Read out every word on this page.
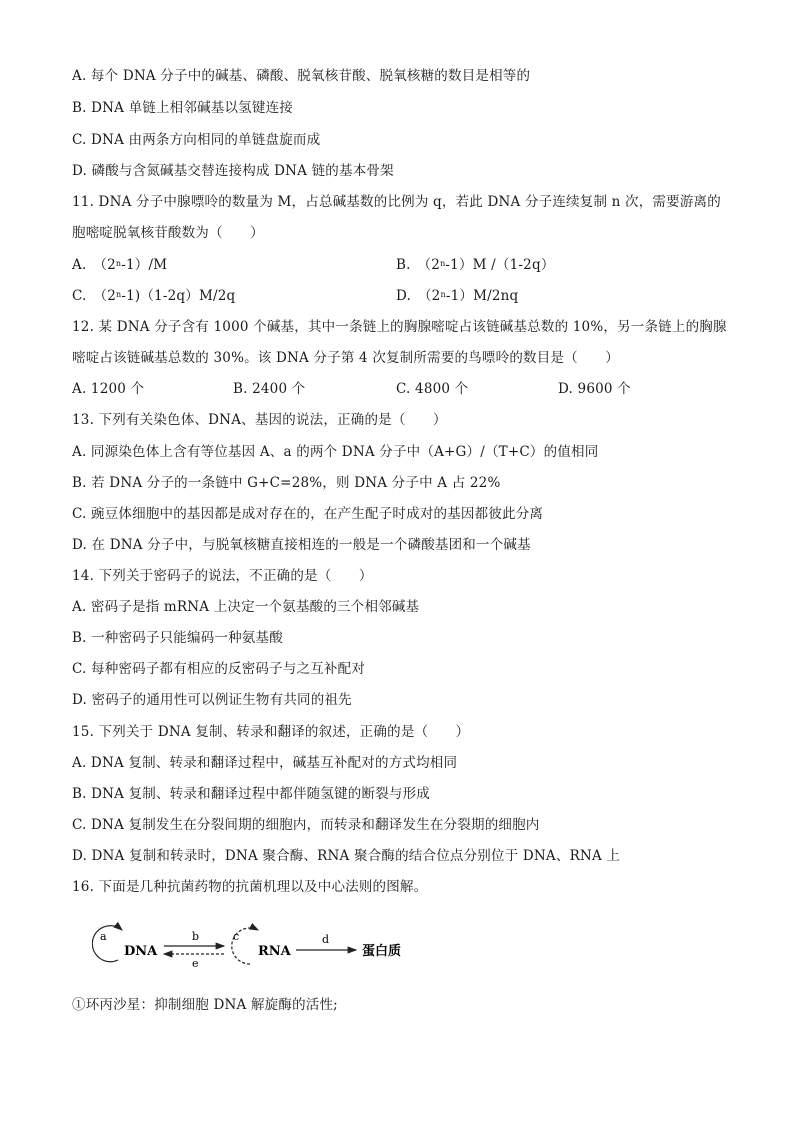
A. 每个 DNA 分子中的碱基、磷酸、脱氧核苷酸、脱氧核糖的数目是相等的
B. DNA 单链上相邻碱基以氢键连接
C. DNA 由两条方向相同的单链盘旋而成
D. 磷酸与含氮碱基交替连接构成 DNA 链的基本骨架
11. DNA 分子中腺嘌呤的数量为 M，占总碱基数的比例为 q，若此 DNA 分子连续复制 n 次，需要游离的
胞嘧啶脱氧核苷酸数为（　　）
A.　（2$^n$-1）/M	B.　（2$^n$-1）M /（1-2q）
C.　（2$^n$-1)（1-2q）M/2q	D.　（2$^n$-1）M/2nq
12. 某 DNA 分子含有 1000 个碱基，其中一条链上的胸腺嘧啶占该链碱基总数的 10%，另一条链上的胸腺
嘧啶占该链碱基总数的 30%。该 DNA 分子第 4 次复制所需要的鸟嘌呤的数目是（　　）
A. 1200 个	B. 2400 个	C. 4800 个	D. 9600 个
13. 下列有关染色体、DNA、基因的说法，正确的是（　　）
A. 同源染色体上含有等位基因 A、a 的两个 DNA 分子中（A+G）/（T+C）的值相同
B. 若 DNA 分子的一条链中 G+C=28%，则 DNA 分子中 A 占 22%
C. 豌豆体细胞中的基因都是成对存在的，在产生配子时成对的基因都彼此分离
D. 在 DNA 分子中，与脱氧核糖直接相连的一般是一个磷酸基团和一个碱基
14. 下列关于密码子的说法，不正确的是（　　）
A. 密码子是指 mRNA 上决定一个氨基酸的三个相邻碱基
B. 一种密码子只能编码一种氨基酸
C. 每种密码子都有相应的反密码子与之互补配对
D. 密码子的通用性可以例证生物有共同的祖先
15. 下列关于 DNA 复制、转录和翻译的叙述，正确的是（　　）
A. DNA 复制、转录和翻译过程中，碱基互补配对的方式均相同
B. DNA 复制、转录和翻译过程中都伴随氢键的断裂与形成
C. DNA 复制发生在分裂间期的细胞内，而转录和翻译发生在分裂期的细胞内
D. DNA 复制和转录时，DNA 聚合酶、RNA 聚合酶的结合位点分别位于 DNA、RNA 上
16. 下面是几种抗菌药物的抗菌机理以及中心法则的图解。
a
DNA
b
e
c
RNA
d
蛋白质
①环丙沙星：抑制细胞 DNA 解旋酶的活性;
